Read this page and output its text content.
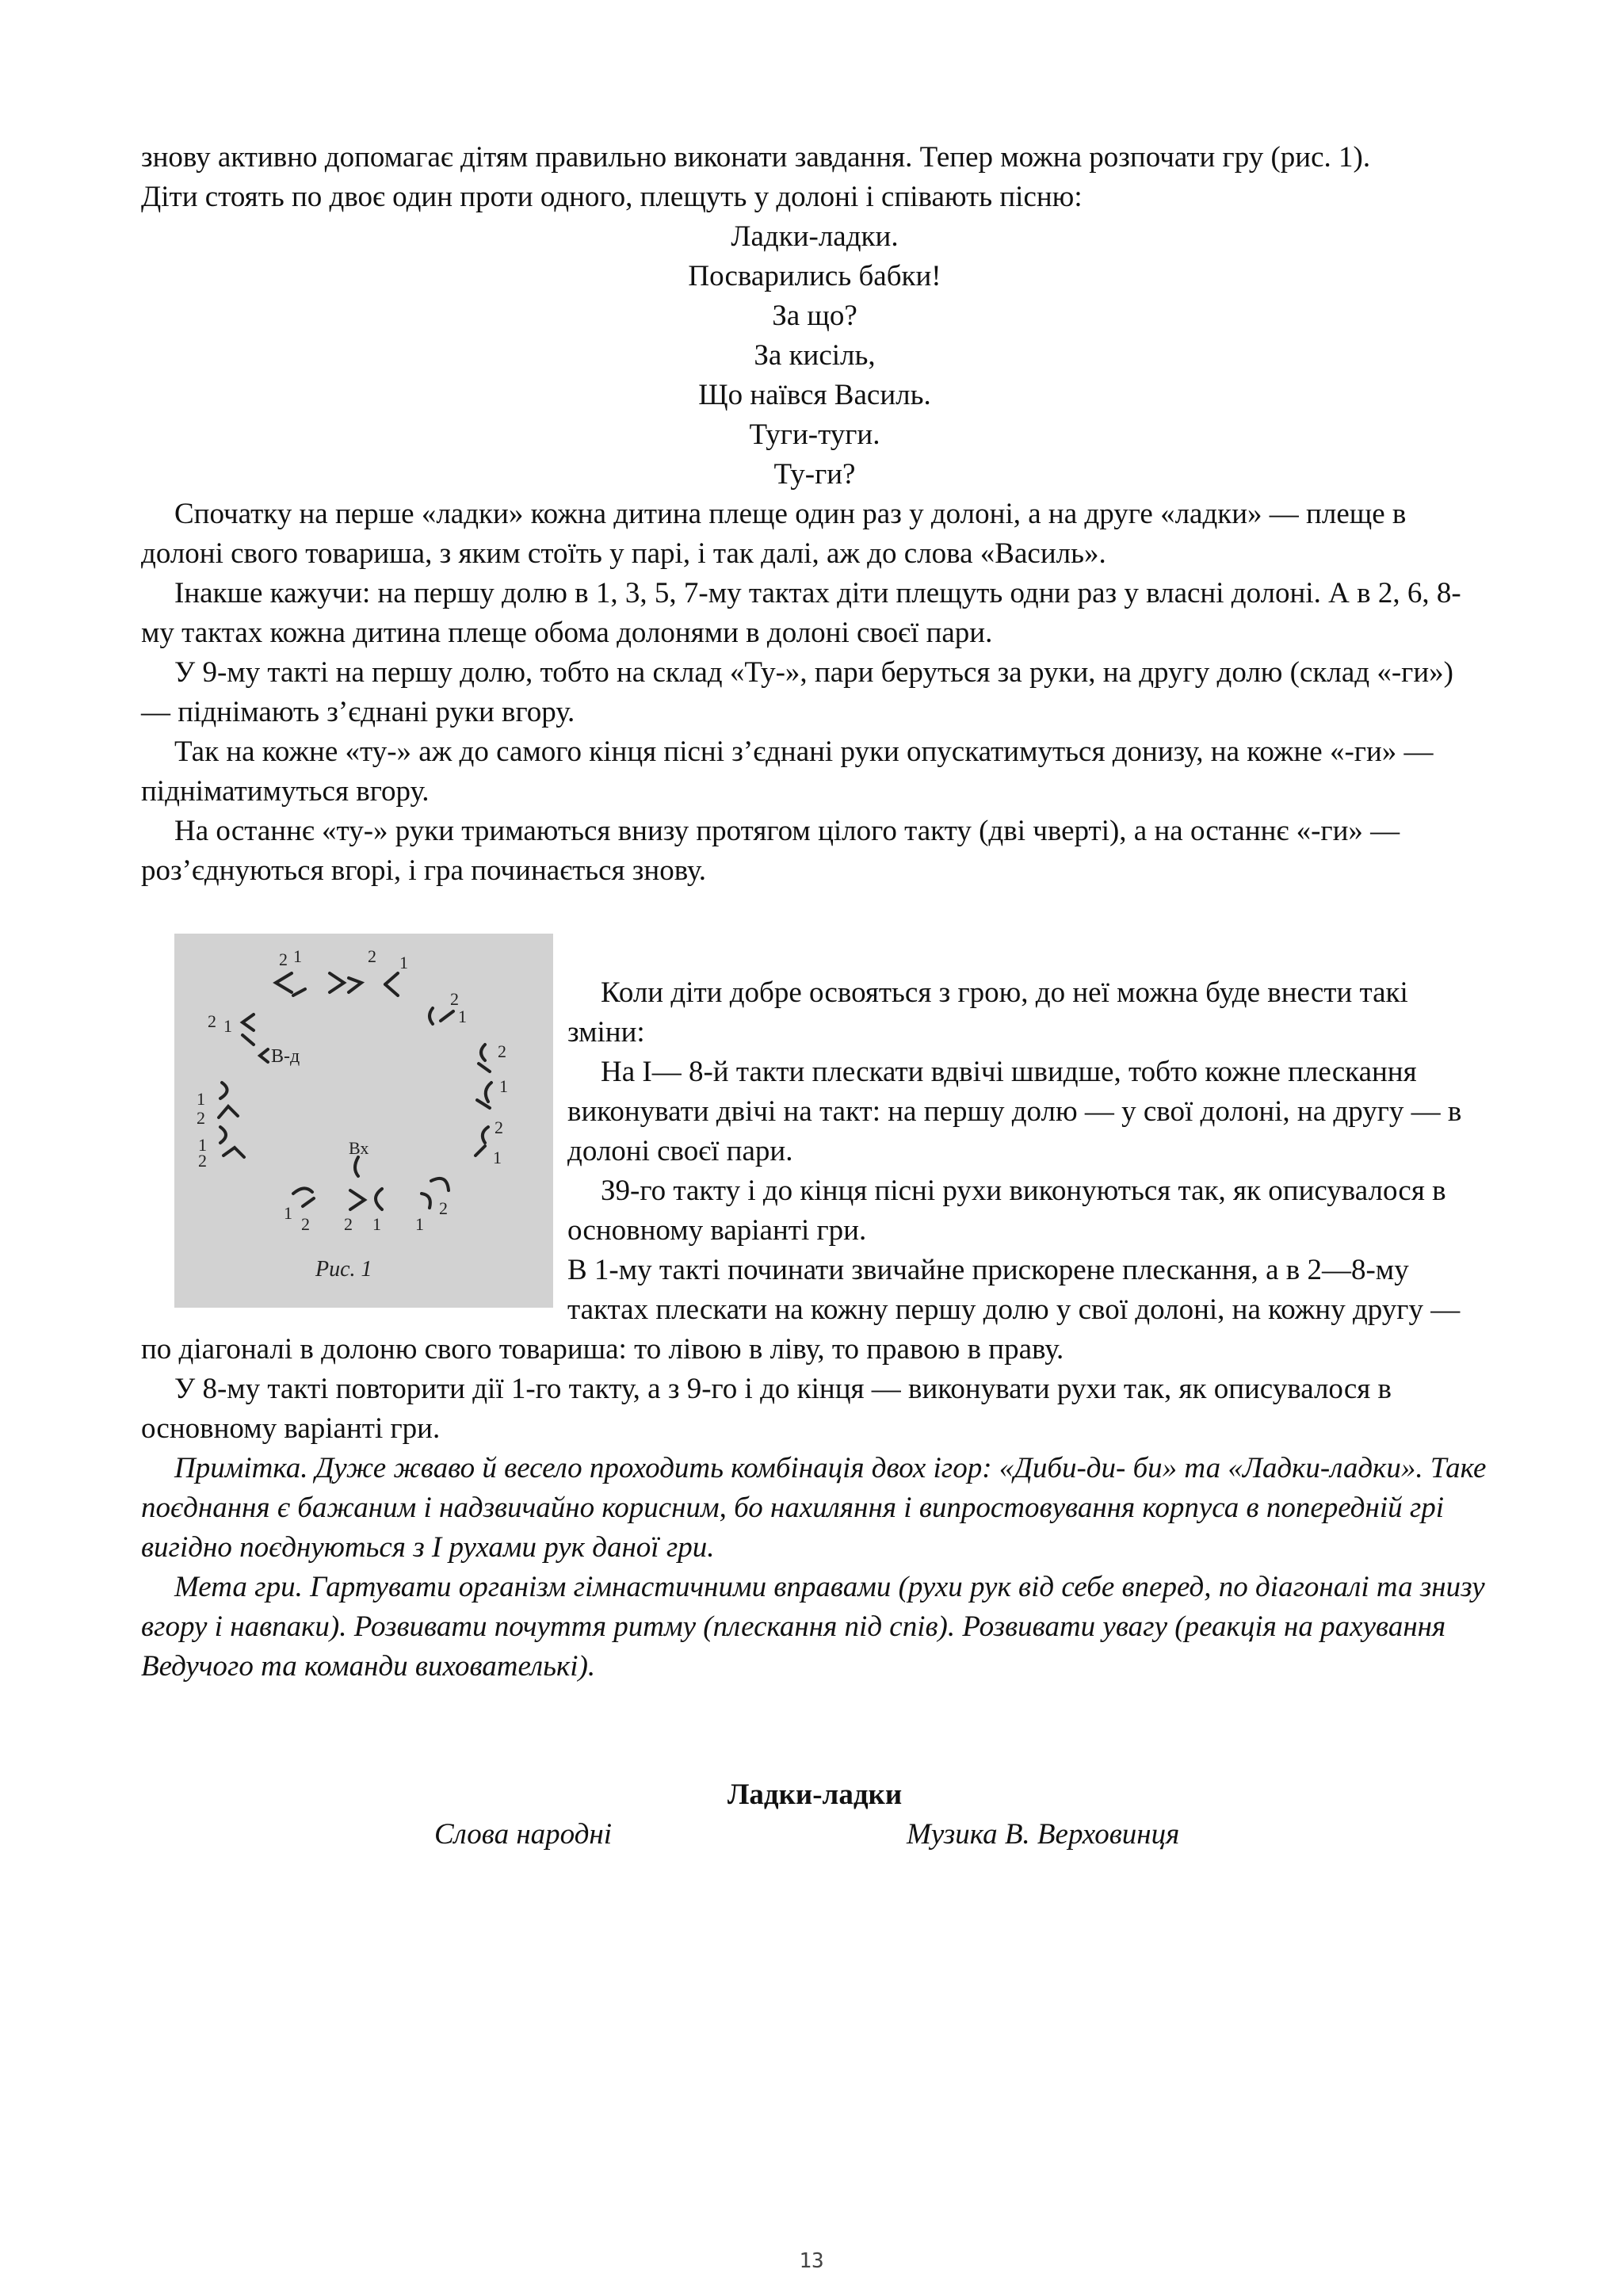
знову активно допомагає дітям правильно виконати завдання. Тепер можна розпочати гру (рис. 1).

Діти стоять по двоє один проти одного, плещуть у долоні і співають пісню:

Ладки-ладки.
Посварились бабки!
За що?
За кисіль,
Що наївся Василь.
Туги-туги.
Ту-ги?

Спочатку на перше «ладки» кожна дитина плеще один раз у долоні, а на друге «ладки» — плеще в долоні свого товариша, з яким стоїть у парі, і так далі, аж до слова «Василь».

Інакше кажучи: на першу долю в 1, 3, 5, 7-му тактах діти плещуть одни раз у власні долоні. А в 2, 6, 8-му тактах кожна дитина плеще обома долонями в долоні своєї пари.

У 9-му такті на першу долю, тобто на склад «Ту-», пари беруться за руки, на другу долю (склад «-ги») — піднімають з’єднані руки вгору.

Так на кожне «ту-» аж до самого кінця пісні з’єднані руки опускатимуться донизу, на кожне «-ги» — підніматимуться вгору.

На останнє «ту-» руки тримаються внизу протягом цілого такту (дві чверті), а на останнє «-ги» — роз’єднуються вгорі, і гра починається знову.

2 1	2 1
2
1
2
1
2
1
2
1
1
2
1
2
1
2
1
2
2 1
В-д
Вх
Рис. 1

Коли діти добре освояться з грою, до неї можна буде внести такі зміни:

На І— 8-й такти плескати вдвічі швидше, тобто кожне плескання виконувати двічі на такт: на першу долю — у свої долоні, на другу — в долоні своєї пари.

З9-го такту і до кінця пісні рухи виконуються так, як описувалося в основному варіанті гри.

В 1-му такті починати звичайне прискорене плескання, а в 2—8-му тактах плескати на кожну першу долю у свої долоні, на кожну другу — по діагоналі в долоню свого товариша: то лівою в ліву, то правою в праву.

У 8-му такті повторити дії 1-го такту, а з 9-го і до кінця — виконувати рухи так, як описувалося в основному варіанті гри.

Примітка. Дуже жваво й весело проходить комбінація двох ігор: «Диби-ди- би» та «Ладки-ладки». Таке поєднання є бажаним і надзвичайно корисним, бо нахиляння і випростовування корпуса в попередній грі вигідно поєднуються з І рухами рук даної гри.

Мета гри. Гартувати організм гімнастичними вправами (рухи рук від себе вперед, по діагоналі та знизу вгору і навпаки). Розвивати почуття ритму (плескання під спів). Розвивати увагу (реакція на рахування Ведучого та команди вихователькі).

Ладки-ладки
Слова народні	Музика В. Верховинця
13
